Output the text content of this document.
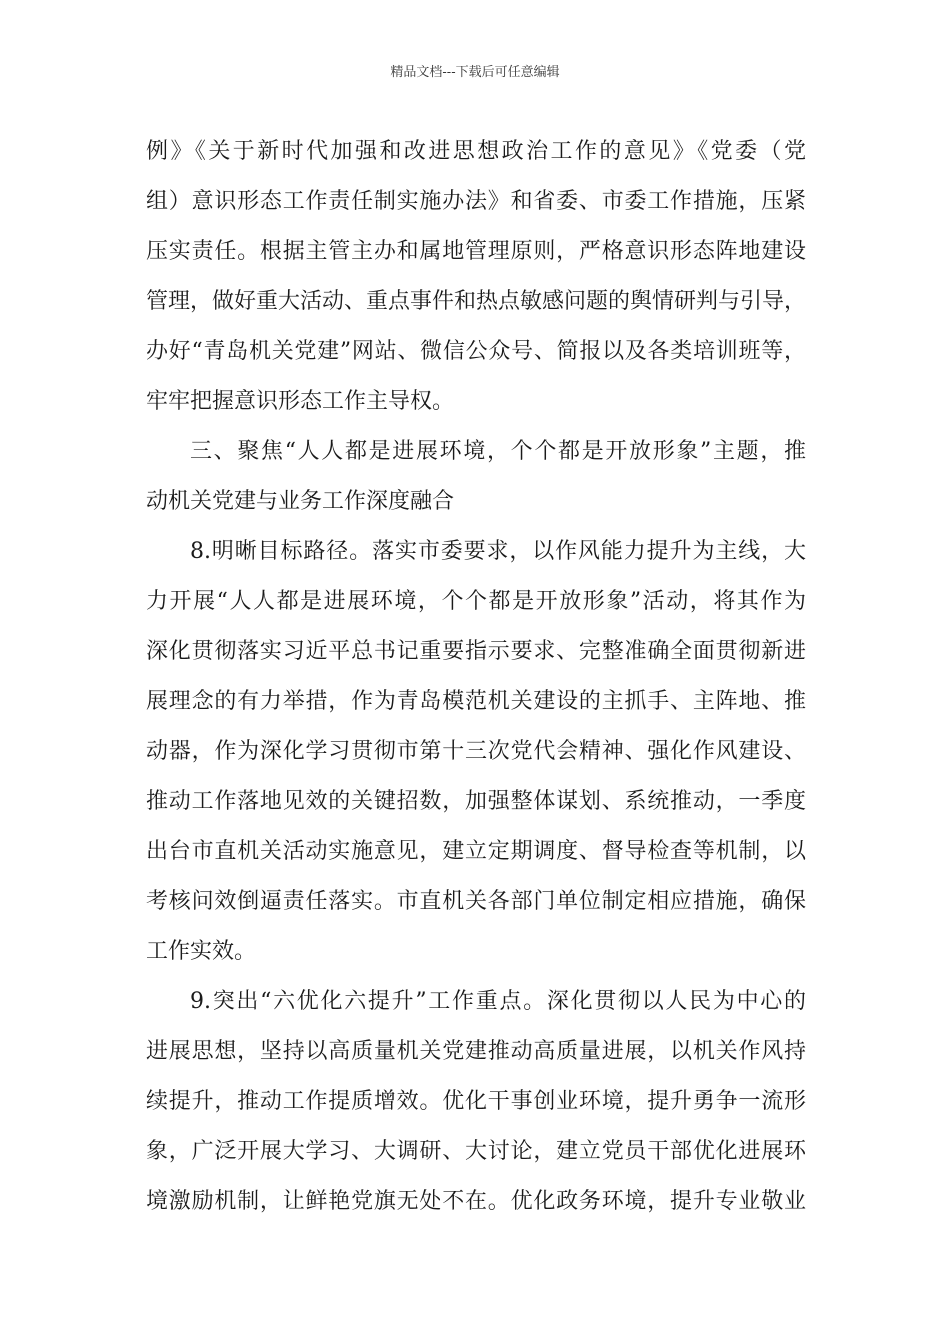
精品文档---下载后可任意编辑
例》《关于新时代加强和改进思想政治工作的意见》《党委（党
组）意识形态工作责任制实施办法》和省委、市委工作措施，压紧
压实责任。根据主管主办和属地管理原则，严格意识形态阵地建设
管理，做好重大活动、重点事件和热点敏感问题的舆情研判与引导，
办好“青岛机关党建”网站、微信公众号、简报以及各类培训班等，
牢牢把握意识形态工作主导权。
三、聚焦“人人都是进展环境，个个都是开放形象”主题，推
动机关党建与业务工作深度融合
8.明晰目标路径。落实市委要求，以作风能力提升为主线，大
力开展“人人都是进展环境，个个都是开放形象”活动，将其作为
深化贯彻落实习近平总书记重要指示要求、完整准确全面贯彻新进
展理念的有力举措，作为青岛模范机关建设的主抓手、主阵地、推
动器，作为深化学习贯彻市第十三次党代会精神、强化作风建设、
推动工作落地见效的关键招数，加强整体谋划、系统推动，一季度
出台市直机关活动实施意见，建立定期调度、督导检查等机制，以
考核问效倒逼责任落实。市直机关各部门单位制定相应措施，确保
工作实效。
9.突出“六优化六提升”工作重点。深化贯彻以人民为中心的
进展思想，坚持以高质量机关党建推动高质量进展，以机关作风持
续提升，推动工作提质增效。优化干事创业环境，提升勇争一流形
象，广泛开展大学习、大调研、大讨论，建立党员干部优化进展环
境激励机制，让鲜艳党旗无处不在。优化政务环境，提升专业敬业
